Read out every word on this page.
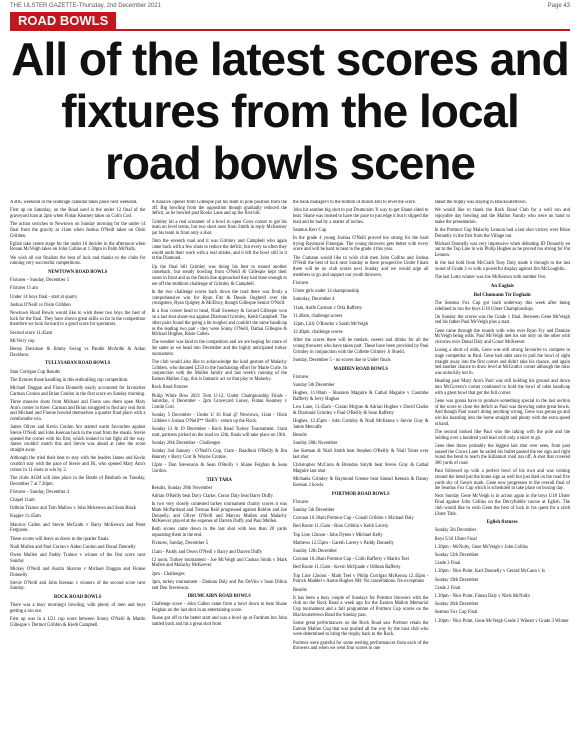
THE ULSTER GAZETTE-Thursday, 2nd December 2021	Page 43
ROAD BOWLS
All of the latest scores and fixtures from the local road bowls scene

A BIG weekend in the underage calendar takes place next weekend.

First up on Saturday, on the Road used is the under 12 final of the graveyard loan at 2pm when Fintan Kearney takes on Colin Cori.

The action switches to Newtown on Sunday morning for the under 14 final from the gravity at 11am when Joshua O'Neill takes on Oisin Gribben.

Eglish take centre stage for the under 16 decider in the afternoon when Ronan McVeigh takes on John Collins at 1.30pm in Palm McNally.

We wish all our finalists the best of luck and thanks to the clubs for running very successful competitions.

NEWTOWN ROAD BOWLS

Fixtures – Sunday, December 5

Fixtures 11 am

Under 14 boys final - start at quarry

Joshua O'Neill vs Oisin Gribben

Newtown Road Bowls would like to wish these two boys the best of luck for the final. They have shown great skills so far in the competition therefore we look forward to a good score for spectators.

Second score 11.45am

McVerry cup

Benny Davidson & Jimmy Swing vs Paudie McArdle & Aidan Davidson.

TULLYSARAN ROAD BOWLS

Stan Corrigan Cup Results

The fixtures those handling in this enthralling cup competition.

Michael Duggan and Fionn Donnelly easily accounted for favourites Carman Conlon and Brian Conlon in the first score on Sunday morning.

Three massive shots from Michael and Fionn saw them open Mary Ann's corner in three. Carman and Brian struggled to find any real form and Michael and Fionne bowled themselves a quarter final place with a comfortable win.

James Oliver and Kevin Conlon Snr started warm favourites against Stevie O'Neill and John Keenan back in the road from the shoals. Stevie opened the corner with his first, which looked in hot fight all the way. James couldn't match this and Stevie was ahead at rules the score straight away.

Although the tried their best to stay with the leaders James and Kevin couldn't stay with the pace of Stevie and JK, who opened Mary Ann's corner in 11 shots to win by 2.

The clubs AGM will take place in the Bottle of Benburb on Tuesday, December 7 at 7.30pm.

Fixtures – Sunday, December 4

Chapel 11am

Odhrán Trainor and Tom Mallow v John Mckeown and Sean Black

Kappie 11.45am

Maurice Callen and Stevie McGrath v Barry McKeown and Peter Ferguson.

These scores will leave us down to the quarter finals.

Niall Mullen and Paul Curran v Aiden Conlon and Donal Donnelly

Owen Mullen and Paddy Trainor v winner of the first score next Sunday

Mickey O'Neill and Austin Sharron v Michael Duggan and Fionne Donnelly

Stevie O'Neill and John Keenan v winners of the second score next Sunday.

ROCK ROAD BOWLS

There was a busy morning's bowling, with plenty of men and boys getting a run out.

First up was in a U21 cup score between Sonny O'Neill & Martin Gillespie v Dermot Gribbin & Kieth Campbell.

A massive opener from Gillespie put his team in pole position from the off. Big bowling from the opposition though gradually reduced the deficit, as he bowled past Rooks Lane and up the first hill.

Grimley hit a real screamer of a bowl to open Corrs corner to get his team on level terms, but two short ones from Smith in reply McInerney put his team in front only a shot.

Onto the seventh road and it was Grimley and Campbell who again came back with a few shots to reduce the deficit, but every so often they would undo their work with a real strides, and it left the bowl still in it at the Diamond.

Up the final hill Grimley was doing his best to mount another comeback, but steady bowling from O'Neill & Gillespie kept their noses in front and as the finish line approached they had done enough to see off the stubborn challenge of Grimley & Campbell.

In the two challenge scores back down the road there was firstly a comprehensive win for Ryan Fitz & Dessie Oughtell over the youngsters, Ryan Quigley & McElroy, though Gillespie Senior O'Neill.

In a four corner head to head, Niall Sweeney & Gerard Gillespie won on a last shot shoot-out against Diarmuid Grimley, Keith Campbell. The other pairs found the going a bit tougher and couldn't the same handicap as the leading two pair - they were Sonny O'Neill, Dathai Gillespie & Michael Hughes, Rosie Callen.

The weather was kind to the competitors and we are hoping for more of the same as we head into December and the highly anticipated turkey tournament.

The club would also like to acknowledge the kind gesture of Malachy Gribben, who donated £250 to the fundraising effort for Marie Curie. In conjunction with the Mullen family and last week's running of the Eamon Mallon Cup, this is fantastic act so that play to Malachy.

Rock Road fixtures

Philip White Bros 2021 Tom U-12, Under Championship Finals - Saturday, 4 December - 2pm Graveyard Loney, Fintan Kearney v Conlin Corr.

Sunday 5 December - Under U 16 final @ Newtown, 11am - Oisin Gribben v Joshua O'Neill** Neill's - return up the Rock.

Sunday 12 & 19 December - Rock Road Turkey Tournament. 11am start, partners picked on the road on 12th, finals will take place on 19th.

Sunday 26th December - Challenges

Sunday 2nd January - O'Neill's Cup, 11am - Ruadhrai O'Reilly & Jim Hanrety v Barry Corr & Wayne Cromie.

12pm - Don Stevenson & Sean O'Reilly v Shane Feighan & Sean Gordon.

TIEY TARA

Results, Sunday 28th November

Adrian O'Reilly beat Davy Clarke; Conor Daly beat Barry Duffy.

In two very closely contested turkey tournament charity scores it was Mark McPartland and Tiernan Reid progressed against Robbie and Joe Donnelly, and Oliver O'Neill and Marcus Mullen and Malachy McKeever played at the expense of Darren Duffy and Paul Mullen.

Both scores came down to the last shot with less than 20 yards separating them in the end.

Fixtures, Sunday, December 5

11am - Paddy and Owen O'Neill v Barry and Darren Duffy

12 noon, Turkey tournament - Joe McVeigh and Cashan Smith v Mark Mullen and Malachy McKeever

2pm - Challenges

3pm, turkey tournament - Damian Daly and Pat DeVito v Sean Dillon and Don Stevenson.

DRUMCAIRN ROAD BOWLS

Challenge score - John Callen came from a bowl down to beat Shane Feighan on the last shot in an entertaining score.

Shane got off to the better start and was a bowl up at Fardrum but John battled back and hit a great shot from

the bank manager's to the bottom of Bonds Hill to level the score.

John hit another big shot to put Drumcairn 'll way to get Shane sided to beat. Shane was looked to have the pace to just edge it but it slipped the lead and he had by a matter of inches.

Seamus Kerr Cup

In the grade 4 young Joshua O'Neill proved too strong for the hard trying Raymond Finnegan. The young throwers gets better with every score and will be hard to beat in the grade 4 this year.

The Cumann would like to wish club men John Collins and Joshua O'Neill the best of luck next Sunday in there prospective Under Finals there will be no club scores next Sunday and we would urge all members to go and support our youth throwers.

Fixtures

Ulster girls under 14 championship

Saturday, December 4

11am, Aoife Carmon v Orla Rafferty

11.40am, challenge scores

12pm, Lilly O'Rourke v Sarah McVeigh

12.40pm, challenge scores

After the scores there will be medals, sweets and drinks for all the young throwers who have taken part. These have been provided by Paul Grimley in conjunction with the Collette Grimley Jr Shield.

Sunday, December 5 - no scores due to Under finals

MADDEN ROAD BOWLS

Fixtures

Sunday 5th December

Hughes, 11.00am - Shannon Maguire & Cathal Maguire v Caoimhe Rafferty & Jerry Hughes

Low Lane, 11.45am - Ciaran Mcgran & Adrian Hughes v David Clarke & Diarmaid Grimley v Paul O'Reilly & Sean Rafferty

Hughes, 12.45pm - John Grimley & Niall McKenna v Stevie Gray & Jamie Metcalfe

Results

Sunday 28th November

Joe Keenan & Niall Smith beat Stephen O'Reilly & Niall Toner over last shot

Christopher McConn & Brendan Smyth beat Stevie Gray & Cathal Maguire last shot

Michaela Grimley & Raymond Greene beat Sinead Keenan & Danny Keenan 2 bowls.

PORTMOR ROAD BOWLS

Fixtures

Sunday 5th December

Curraun 10.30am Portmor Cup - Conall Gribbin v Michael Daly

Red Route 11.15am - Ross Gribbin v Keith Lavery

Top Line 12noon - John Dynes v Michael Kelly

Mathews 12.55pm - Gareth Lavery v Paddy Donnelly

Sunday 12th December

Curraun 10.30am Portmor Cup - Colin Rafferty v Martin Teel

Red Route 11.15am - Kevin McQuade v Odhran Rafferty

Top Line 12noon - Mark Teel v Philip Corrigan McKenna 12.45pm - Patrick Maddel v Aaron Hughes NB: No cancellations. No exceptions

Results

It has been a busy couple of Sundays for Portmor throwers with the club on the Rock Road a week ago for the Eamon Mallon Memorial Cup tournament and a full programme of Portmor Cup scores on the Blackwatertown Road the Sunday past.

Some great performances on the Rock Road saw Portmor retain the Eamon Mallon Cup that was pushed all the way by the host club who were determined to bring the trophy back to the Rock.

Portmor were grateful for some sterling performances from each of the throwers and when we went four scores to one

ahead the trophy was staying in Blackwatertown.

We would like to thank the Rock Road Club for a well run and enjoyable day bowling and the Mallon Family who were on hand to make the presentation.

In the Portmor Cup Malachy Lennon had a last shot victory over Brian Donnelly in the first from the Village out.

Michael Donnelly was very impressive when defeating JD Donnelly en out to the Top Line in win Philip Hughes as he proved too strong for Pat Lennon.

In the last bold from McGrath Tony Daly made it through to the last round of Grade 3 vs with a powerful display against Jim McLoughlin.

The last Lotto winner was Joe McKeown with number five.

An Eaglais

Bol Chumann Tír Eoghain

The Seamus Fox Cup got back underway this week after being sidelined to run the boys U18 Ulster Championships.

On Sunday the scores was the Grade 1 final. Between Gene McVeigh and his father Paul McVeigh plus a start.

Gene came through the rounds with wins over Ryan Fry and Damian McVeigh being odds. Paul McVeigh met his son only on the other with victories over Donal Daly and Conor McKeever.

Losing a short of odds, Gene was still strong favourite to compete in stage competitor in Paul. Gene had odds sure to pull the bowl of sight straight away into the first corner and didn't take his chance, and again hed another chance to draw level at McGrath's corner although the miss was unluckily not in.

Heading past Mary Ann's Paul was still holding his ground and down into McGovern's corner continued to hold the bowl of odds handicap with a great bowl that got the full corner.

Gene was gonna have to produce something special in the last section of the score to close the deficit as Paul was throwing some great bowls. And though Paul wasn't doing anything wrong, Gene was gonna go and win his hoarding into the home straight and plenty with the extra speed at hand.

The second looked like Paul who the taking with the pole and the holding over a hundred yard lead with only a short to go.

Gene then threw probably the biggest last shot over seen, from past passed the Crows Lane he sailed his bullet passed the tee sign and right round the bend to reach the Killamurt road run off. A shot that covered 300 yards of road.

Paul followed up with a perfect bowl of his own and was coming around the bend just the home sign as well but just died on the road five yards shy of Gene's mark. Gene now progresses to the overall final of the Seamus Fox Cup which is scheduled to take place on boxing day.

Next Sunday Gene McVeigh is in action again in the boys U18 Ulster Final against John Collins on the Derryfubble course at Eglish. The club would like to wish Gene the best of luck in his quest for a sixth Ulster Title.

Eglish fixtures

Sunday 5th December

Boys U16 Ulster Final

1.30pm - McNulty, Gene McVeigh v John Collins

Sunday 12th December

Grade 3 Final

1.30pm - Nice Point, Karl Donnelly v Gerard McCann v Is

Sunday 19th December

Grade 2 Final

1.30pm - Nice Point, Fintan Daly v Niels McNulln

Sunday 26th December

Seamus Fox Cup Final

1.30pm - Nice Point, Gene McVeigh Grade 2 Winner v Grade 3 Winner
